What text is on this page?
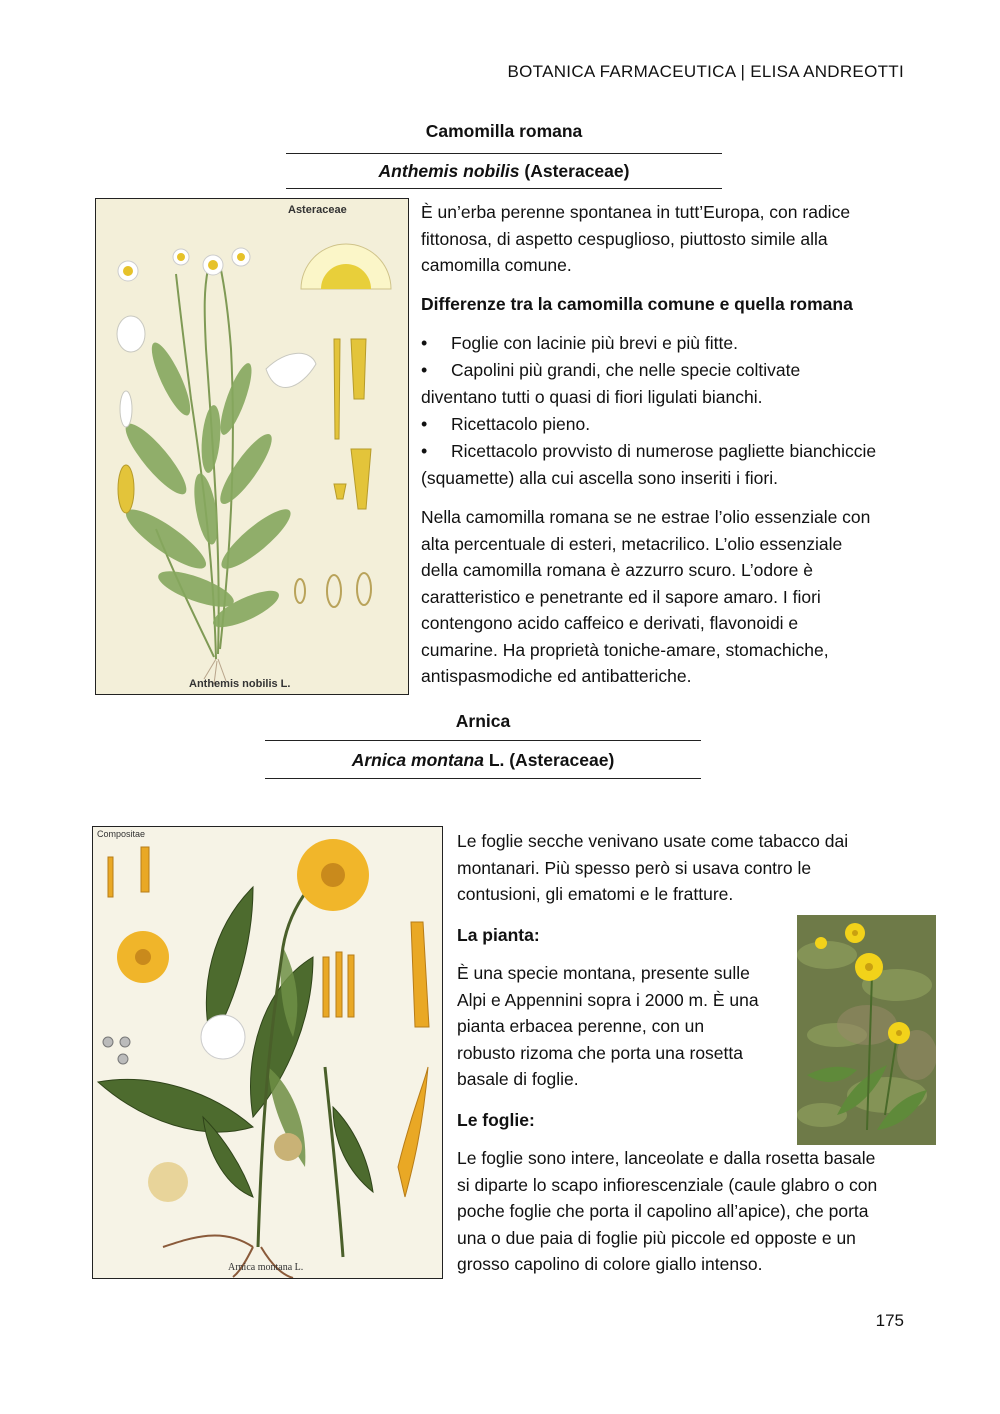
BOTANICA FARMACEUTICA | ELISA ANDREOTTI
Camomilla romana
Anthemis nobilis (Asteraceae)
Asteraceae
Anthemis nobilis L.

È un’erba perenne spontanea in tutt’Europa, con radice
fittonosa, di aspetto cespuglioso, piuttosto simile alla
camomilla comune.

Differenze tra la camomilla comune e quella romana

•Foglie con lacinie più brevi e più fitte.
•Capolini più grandi, che nelle specie coltivate
diventano tutti o quasi di fiori ligulati bianchi.
•Ricettacolo pieno.
•Ricettacolo provvisto di numerose pagliette bianchiccie
(squamette) alla cui ascella sono inseriti i fiori.

Nella camomilla romana se ne estrae l’olio essenziale con
alta percentuale di esteri, metacrilico. L’olio essenziale
della camomilla romana è azzurro scuro. L’odore è
caratteristico e penetrante ed il sapore amaro. I fiori
contengono acido caffeico e derivati, flavonoidi e
cumarine. Ha proprietà toniche-amare, stomachiche,
antispasmodiche ed antibatteriche.

Arnica
Arnica montana L. (Asteraceae)
Compositae
Arnica montana L.

Le foglie secche venivano usate come tabacco dai
montanari. Più spesso però si usava contro le
contusioni, gli ematomi e le fratture.

La pianta:

È una specie montana, presente sulle
Alpi e Appennini sopra i 2000 m. È una
pianta erbacea perenne, con un
robusto rizoma che porta una rosetta
basale di foglie.

Le foglie:

Le foglie sono intere, lanceolate e dalla rosetta basale
si diparte lo scapo infiorescenziale (caule glabro o con
poche foglie che porta il capolino all’apice), che porta
una o due paia di foglie più piccole ed opposte e un
grosso capolino di colore giallo intenso.

175
